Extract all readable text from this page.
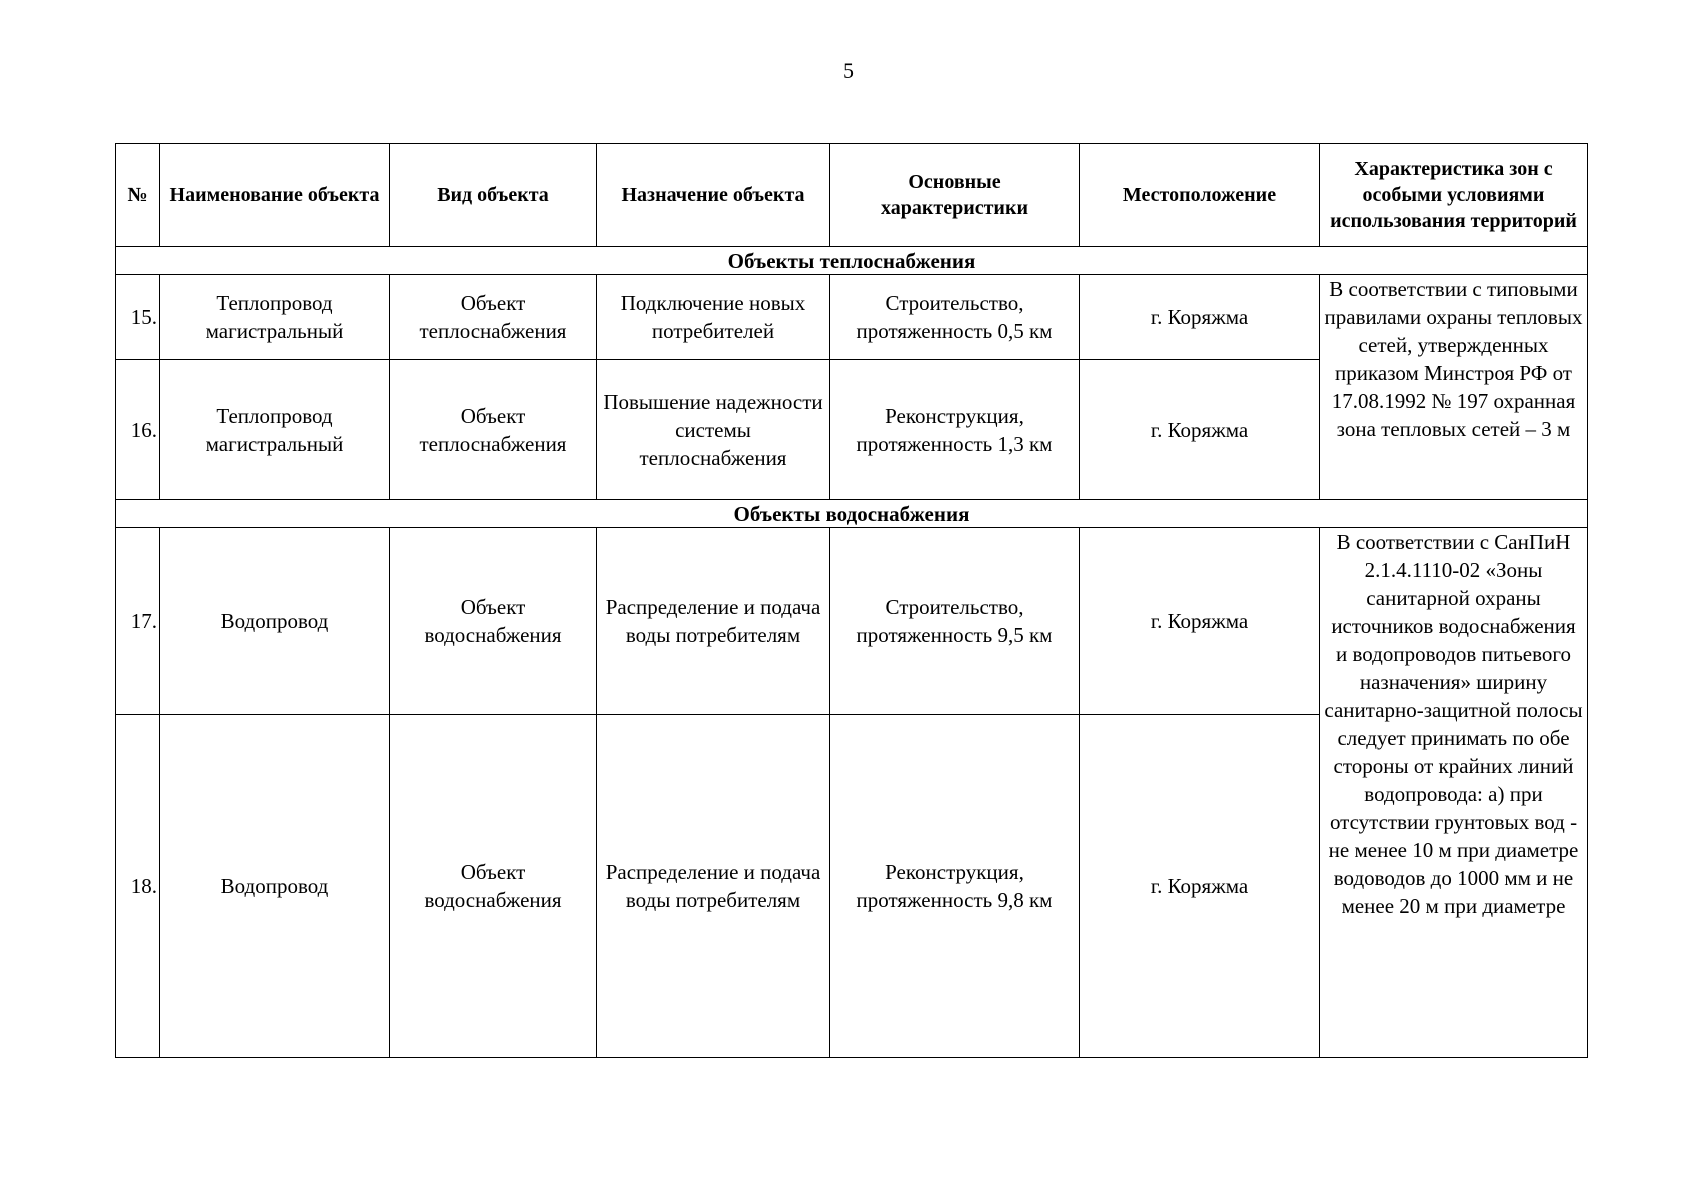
5
№	Наименование объекта	Вид объекта	Назначение объекта	Основные характеристики	Местоположение	Характеристика зон с особыми условиями использования территорий
Объекты теплоснабжения						
15.	Теплопровод магистральный	Объект теплоснабжения	Подключение новых потребителей	Строительство, протяженность 0,5 км	г. Коряжма	В соответствии с типовыми правилами охраны тепловых сетей, утвержденных приказом Минстроя РФ от 17.08.1992 № 197 охранная зона тепловых сетей – 3 м

16.	Теплопровод магистральный	Объект теплоснабжения	Повышение надежности системы теплоснабжения	Реконструкция, протяженность 1,3 км	г. Коряжма	
Объекты водоснабжения						
17.	Водопровод	Объект водоснабжения	Распределение и подача воды потребителям	Строительство, протяженность 9,5 км	г. Коряжма	В соответствии с СанПиН 2.1.4.1110-02 «Зоны санитарной охраны источников водоснабжения и водопроводов питьевого назначения» ширину санитарно-защитной полосы следует принимать по обе стороны от крайних линий водопровода: а) при отсутствии грунтовых вод - не менее 10 м при диаметре водоводов до 1000 мм и не менее 20 м при диаметре

18.	Водопровод	Объект водоснабжения	Распределение и подача воды потребителям	Реконструкция, протяженность 9,8 км	г. Коряжма	
